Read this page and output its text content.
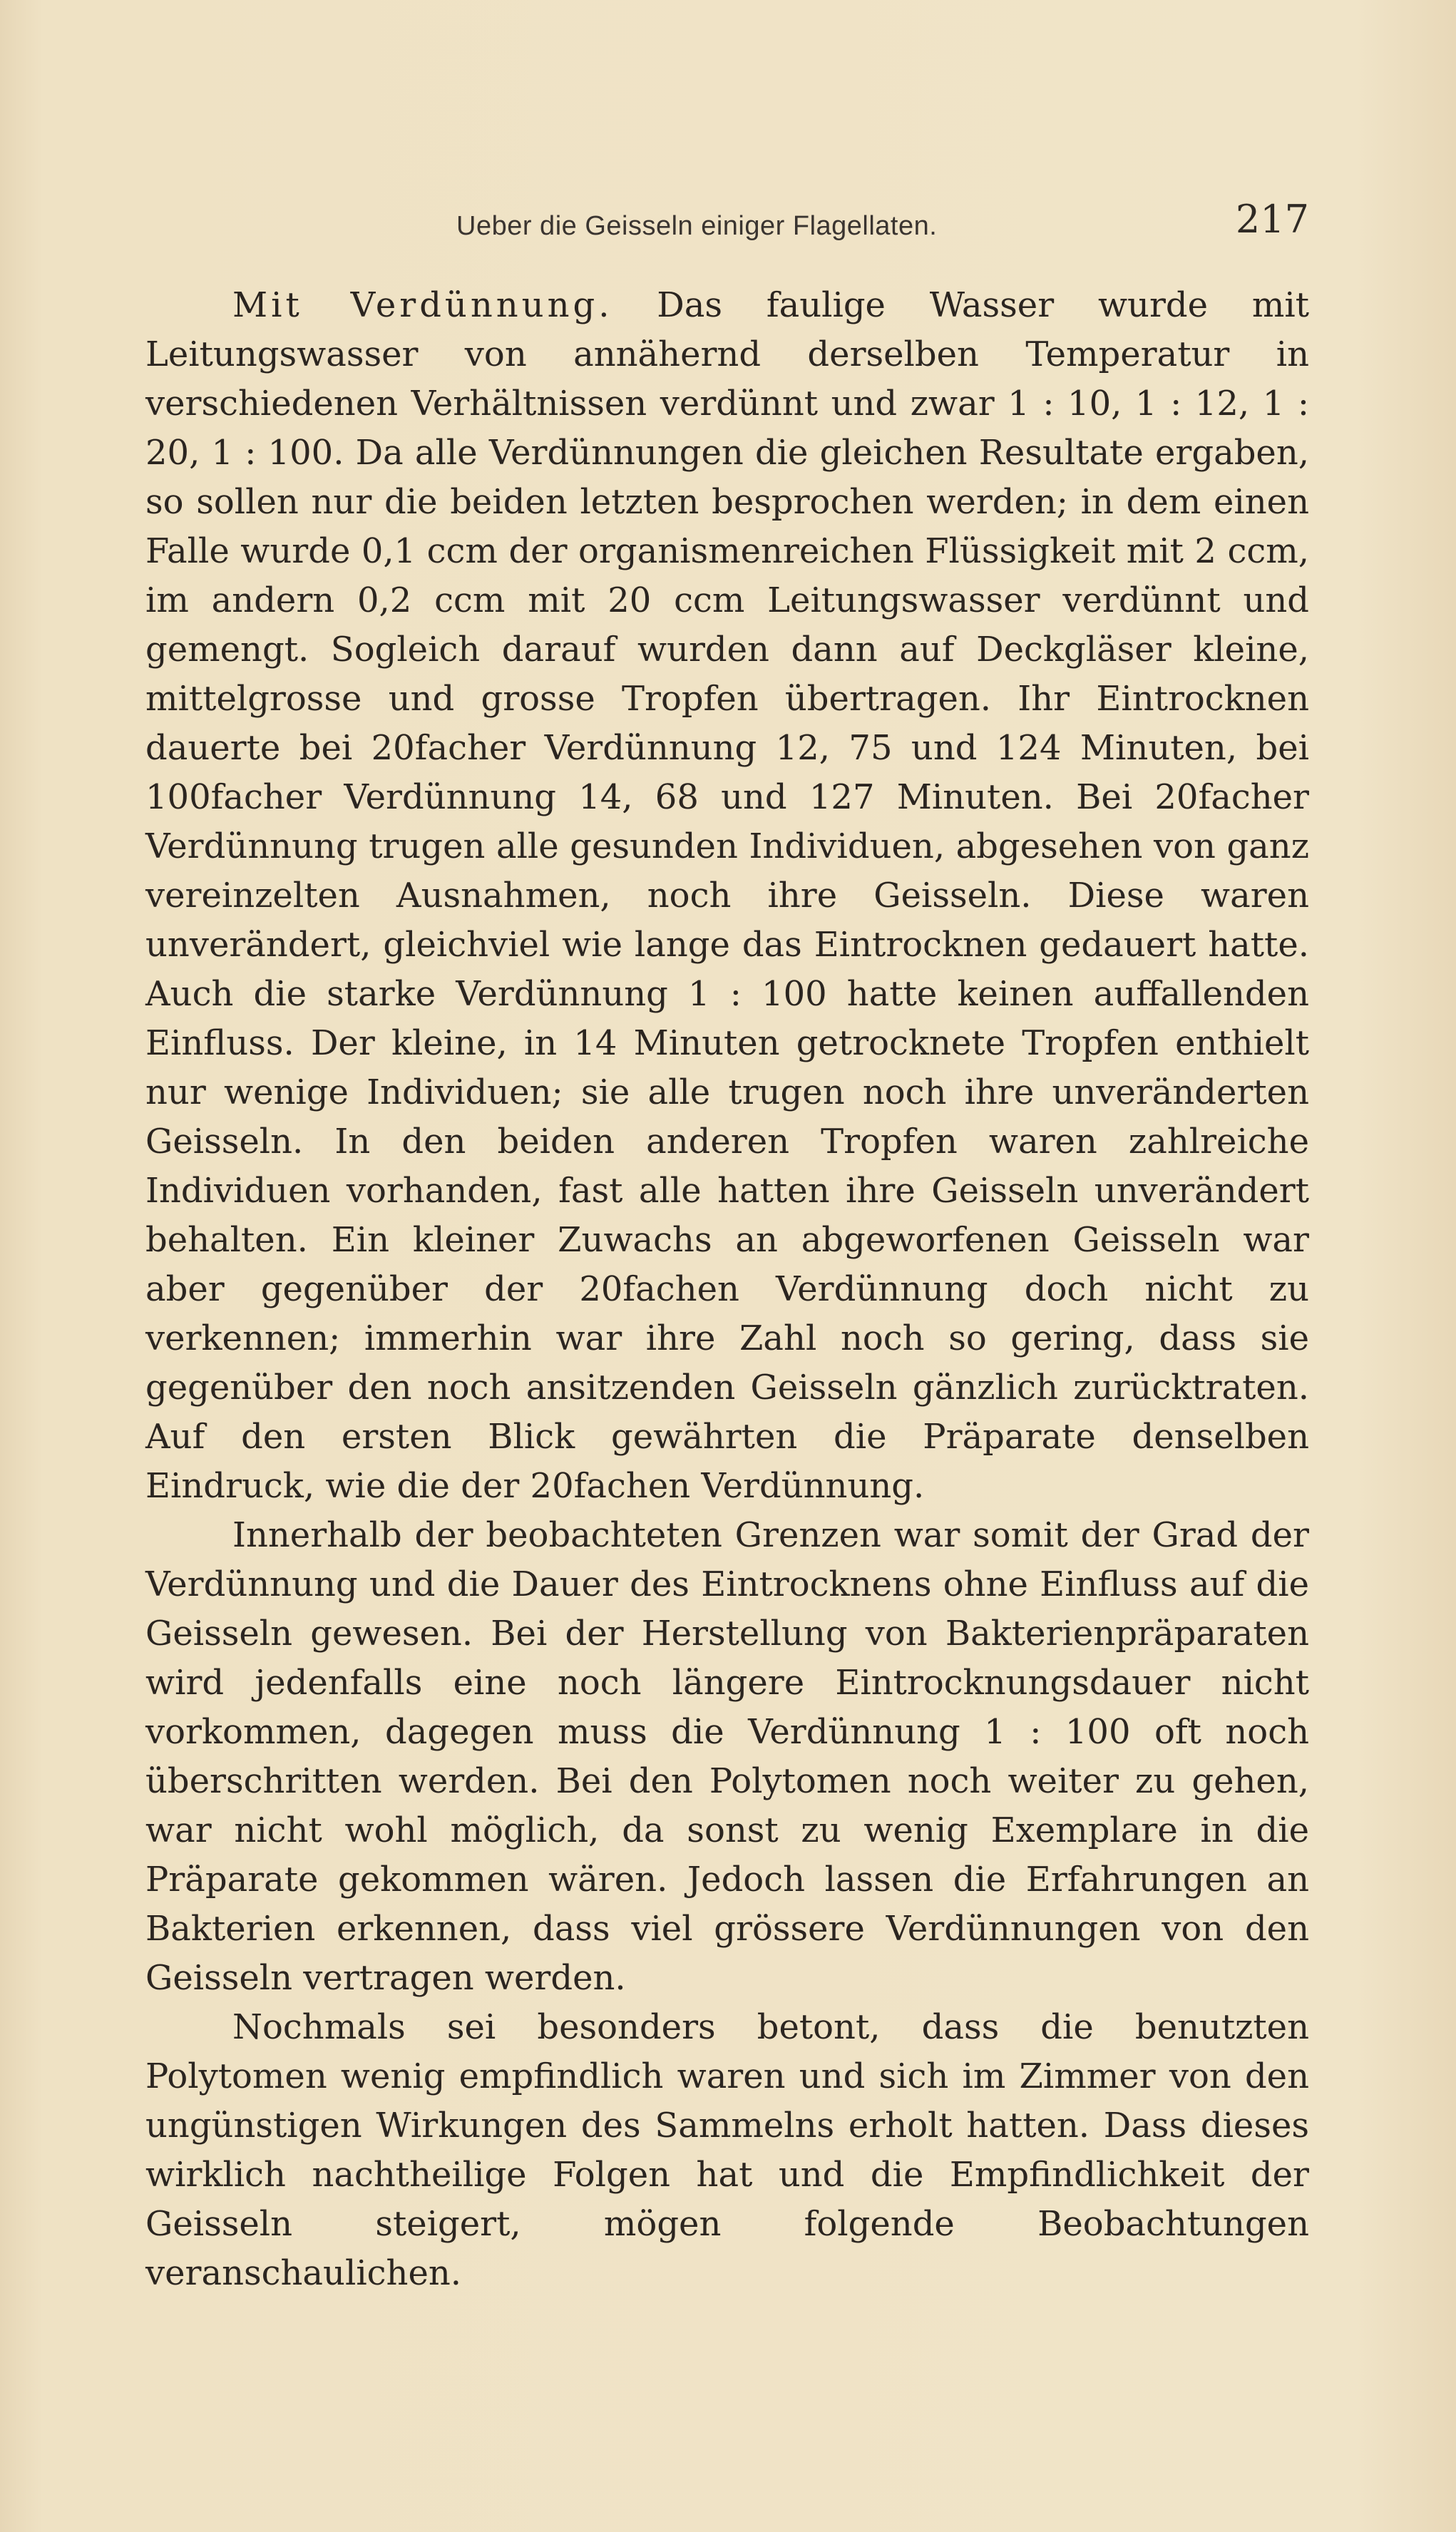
Ueber die Geisseln einiger Flagellaten.	217

Mit Verdünnung. Das faulige Wasser wurde mit Leitungswasser von annähernd derselben Temperatur in verschiedenen Verhältnissen verdünnt und zwar 1 : 10, 1 : 12, 1 : 20, 1 : 100. Da alle Verdünnungen die gleichen Resultate ergaben, so sollen nur die beiden letzten besprochen werden; in dem einen Falle wurde 0,1 ccm der organismenreichen Flüssigkeit mit 2 ccm, im andern 0,2 ccm mit 20 ccm Leitungswasser verdünnt und gemengt. Sogleich darauf wurden dann auf Deckgläser kleine, mittelgrosse und grosse Tropfen übertragen. Ihr Eintrocknen dauerte bei 20facher Verdünnung 12, 75 und 124 Minuten, bei 100facher Verdünnung 14, 68 und 127 Minuten. Bei 20facher Verdünnung trugen alle gesunden Individuen, abgesehen von ganz vereinzelten Ausnahmen, noch ihre Geisseln. Diese waren unverändert, gleichviel wie lange das Eintrocknen gedauert hatte. Auch die starke Verdünnung 1 : 100 hatte keinen auffallenden Einfluss. Der kleine, in 14 Minuten getrocknete Tropfen enthielt nur wenige Individuen; sie alle trugen noch ihre unveränderten Geisseln. In den beiden anderen Tropfen waren zahlreiche Individuen vorhanden, fast alle hatten ihre Geisseln unverändert behalten. Ein kleiner Zuwachs an abgeworfenen Geisseln war aber gegenüber der 20fachen Verdünnung doch nicht zu verkennen; immerhin war ihre Zahl noch so gering, dass sie gegenüber den noch ansitzenden Geisseln gänzlich zurücktraten. Auf den ersten Blick gewährten die Präparate denselben Eindruck, wie die der 20fachen Verdünnung.

Innerhalb der beobachteten Grenzen war somit der Grad der Verdünnung und die Dauer des Eintrocknens ohne Einfluss auf die Geisseln gewesen. Bei der Herstellung von Bakterienpräparaten wird jedenfalls eine noch längere Eintrocknungsdauer nicht vorkommen, dagegen muss die Verdünnung 1 : 100 oft noch überschritten werden. Bei den Polytomen noch weiter zu gehen, war nicht wohl möglich, da sonst zu wenig Exemplare in die Präparate gekommen wären. Jedoch lassen die Erfahrungen an Bakterien erkennen, dass viel grössere Verdünnungen von den Geisseln vertragen werden.

Nochmals sei besonders betont, dass die benutzten Polytomen wenig empfindlich waren und sich im Zimmer von den ungünstigen Wirkungen des Sammelns erholt hatten. Dass dieses wirklich nachtheilige Folgen hat und die Empfindlichkeit der Geisseln steigert, mögen folgende Beobachtungen veranschaulichen.
